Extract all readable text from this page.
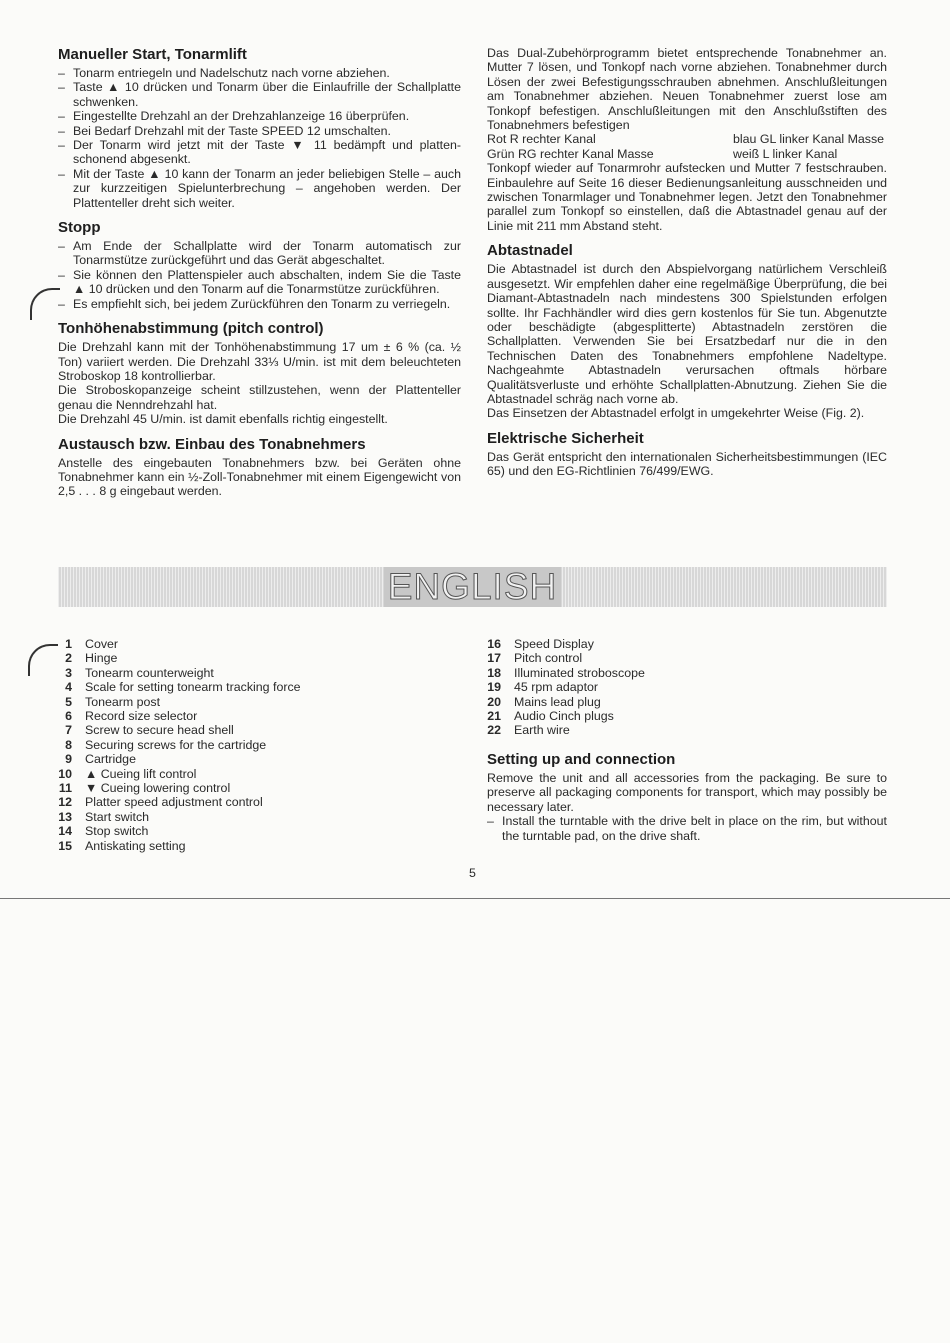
Manueller Start, Tonarmlift
– Tonarm entriegeln und Nadelschutz nach vorne abziehen.
– Taste ▲ 10 drücken und Tonarm über die Einlaufrille der Schallplatte schwenken.
– Eingestellte Drehzahl an der Drehzahlanzeige 16 überprüfen.
– Bei Bedarf Drehzahl mit der Taste SPEED 12 umschalten.
– Der Tonarm wird jetzt mit der Taste ▼ 11 bedämpft und platten-schonend abgesenkt.
– Mit der Taste ▲ 10 kann der Tonarm an jeder beliebigen Stelle – auch zur kurzzeitigen Spielunterbrechung – angehoben werden. Der Plattenteller dreht sich weiter.
Stopp
– Am Ende der Schallplatte wird der Tonarm automatisch zur Tonarmstütze zurückgeführt und das Gerät abgeschaltet.
– Sie können den Plattenspieler auch abschalten, indem Sie die Taste ▲ 10 drücken und den Tonarm auf die Tonarmstütze zurückführen.
– Es empfiehlt sich, bei jedem Zurückführen den Tonarm zu verriegeln.
Tonhöhenabstimmung (pitch control)

Die Drehzahl kann mit der Tonhöhenabstimmung 17 um ± 6 % (ca. ½ Ton) variiert werden. Die Drehzahl 33⅓ U/min. ist mit dem beleuchteten Stroboskop 18 kontrollierbar.

Die Stroboskopanzeige scheint stillzustehen, wenn der Plattenteller genau die Nenndrehzahl hat.

Die Drehzahl 45 U/min. ist damit ebenfalls richtig eingestellt.

Austausch bzw. Einbau des Tonabnehmers

Anstelle des eingebauten Tonabnehmers bzw. bei Geräten ohne Tonabnehmer kann ein ½-Zoll-Tonabnehmer mit einem Eigengewicht von 2,5 . . . 8 g eingebaut werden.

Das Dual-Zubehörprogramm bietet entsprechende Tonabnehmer an. Mutter 7 lösen, und Tonkopf nach vorne abziehen. Tonabnehmer durch Lösen der zwei Befestigungsschrauben abnehmen. Anschlußleitungen am Tonabnehmer abziehen. Neuen Tonabnehmer zuerst lose am Tonkopf befestigen. Anschlußleitungen mit den Anschlußstiften des Tonabnehmers befestigen

Rot R rechter Kanal	blau GL linker Kanal Masse
Grün RG rechter Kanal Masse	weiß L linker Kanal

Tonkopf wieder auf Tonarmrohr aufstecken und Mutter 7 festschrauben. Einbaulehre auf Seite 16 dieser Bedienungsanleitung ausschneiden und zwischen Tonarmlager und Tonabnehmer legen. Jetzt den Tonabnehmer parallel zum Tonkopf so einstellen, daß die Abtastnadel genau auf der Linie mit 211 mm Abstand steht.

Abtastnadel

Die Abtastnadel ist durch den Abspielvorgang natürlichem Verschleiß ausgesetzt. Wir empfehlen daher eine regelmäßige Überprüfung, die bei Diamant-Abtastnadeln nach mindestens 300 Spielstunden erfolgen sollte. Ihr Fachhändler wird dies gern kostenlos für Sie tun. Abgenutzte oder beschädigte (abgesplitterte) Abtastnadeln zerstören die Schallplatten. Verwenden Sie bei Ersatzbedarf nur die in den Technischen Daten des Tonabnehmers empfohlene Nadeltype. Nachgeahmte Abtastnadeln verursachen oftmals hörbare Qualitätsverluste und erhöhte Schallplatten-Abnutzung. Ziehen Sie die Abtastnadel schräg nach vorne ab.

Das Einsetzen der Abtastnadel erfolgt in umgekehrter Weise (Fig. 2).

Elektrische Sicherheit

Das Gerät entspricht den internationalen Sicherheitsbestimmungen (IEC 65) und den EG-Richtlinien 76/499/EWG.

ENGLISH
1 Cover
2 Hinge
3 Tonearm counterweight
4 Scale for setting tonearm tracking force
5 Tonearm post
6 Record size selector
7 Screw to secure head shell
8 Securing screws for the cartridge
9 Cartridge
10 ▲ Cueing lift control
11 ▼ Cueing lowering control
12 Platter speed adjustment control
13 Start switch
14 Stop switch
15 Antiskating setting
16 Speed Display
17 Pitch control
18 Illuminated stroboscope
19 45 rpm adaptor
20 Mains lead plug
21 Audio Cinch plugs
22 Earth wire
Setting up and connection

Remove the unit and all accessories from the packaging. Be sure to preserve all packaging components for transport, which may possibly be necessary later.

– Install the turntable with the drive belt in place on the rim, but without the turntable pad, on the drive shaft.
5
